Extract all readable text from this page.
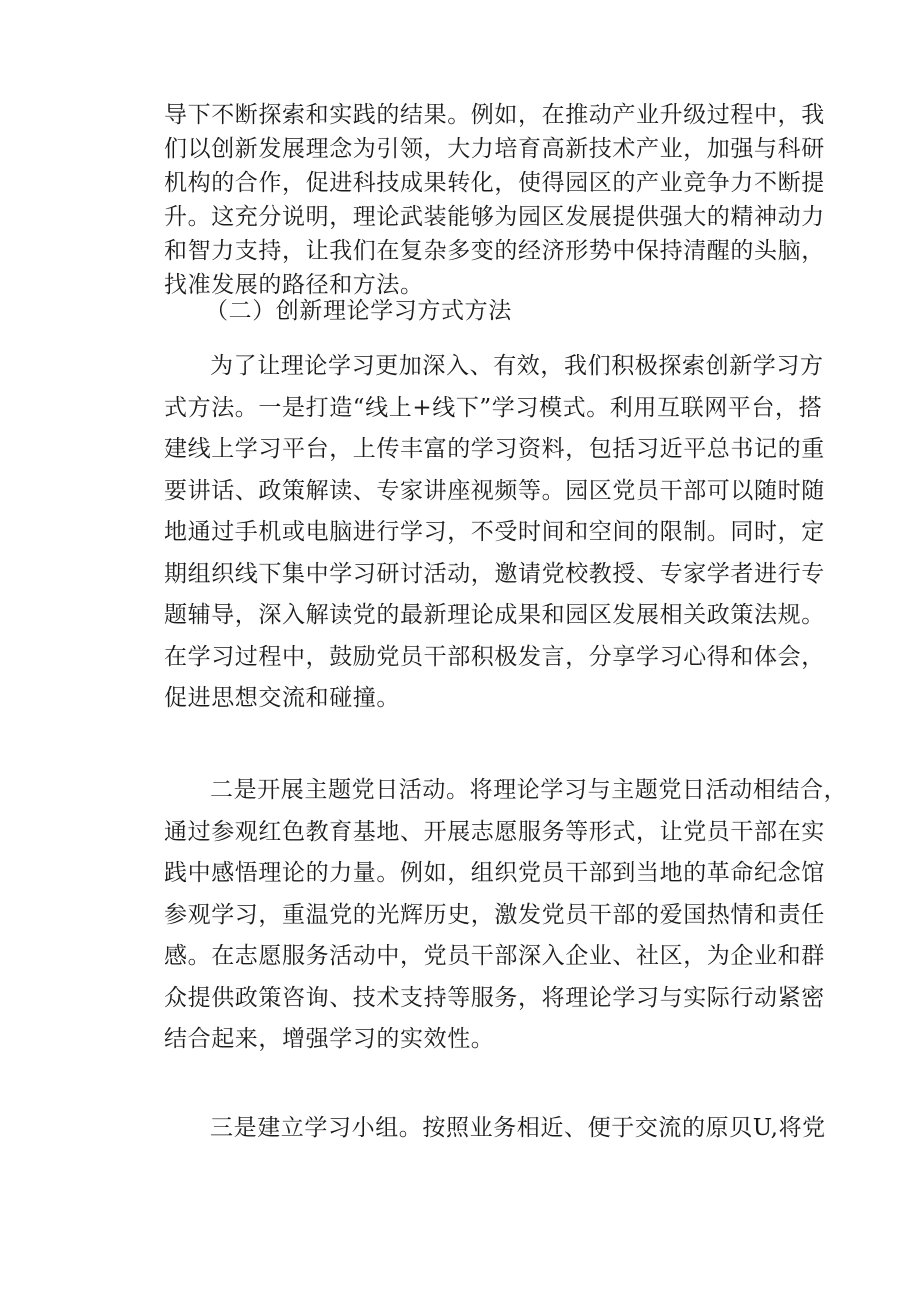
导下不断探索和实践的结果。例如，在推动产业升级过程中，我
们以创新发展理念为引领，大力培育高新技术产业，加强与科研
机构的合作，促进科技成果转化，使得园区的产业竞争力不断提
升。这充分说明，理论武装能够为园区发展提供强大的精神动力
和智力支持，让我们在复杂多变的经济形势中保持清醒的头脑，
找准发展的路径和方法。
（二）创新理论学习方式方法
为了让理论学习更加深入、有效，我们积极探索创新学习方
式方法。一是打造“线上+线下”学习模式。利用互联网平台，搭
建线上学习平台，上传丰富的学习资料，包括习近平总书记的重
要讲话、政策解读、专家讲座视频等。园区党员干部可以随时随
地通过手机或电脑进行学习，不受时间和空间的限制。同时，定
期组织线下集中学习研讨活动，邀请党校教授、专家学者进行专
题辅导，深入解读党的最新理论成果和园区发展相关政策法规。
在学习过程中，鼓励党员干部积极发言，分享学习心得和体会，
促进思想交流和碰撞。
二是开展主题党日活动。将理论学习与主题党日活动相结合，
通过参观红色教育基地、开展志愿服务等形式，让党员干部在实
践中感悟理论的力量。例如，组织党员干部到当地的革命纪念馆
参观学习，重温党的光辉历史，激发党员干部的爱国热情和责任
感。在志愿服务活动中，党员干部深入企业、社区，为企业和群
众提供政策咨询、技术支持等服务，将理论学习与实际行动紧密
结合起来，增强学习的实效性。
三是建立学习小组。按照业务相近、便于交流的原贝U,将党
